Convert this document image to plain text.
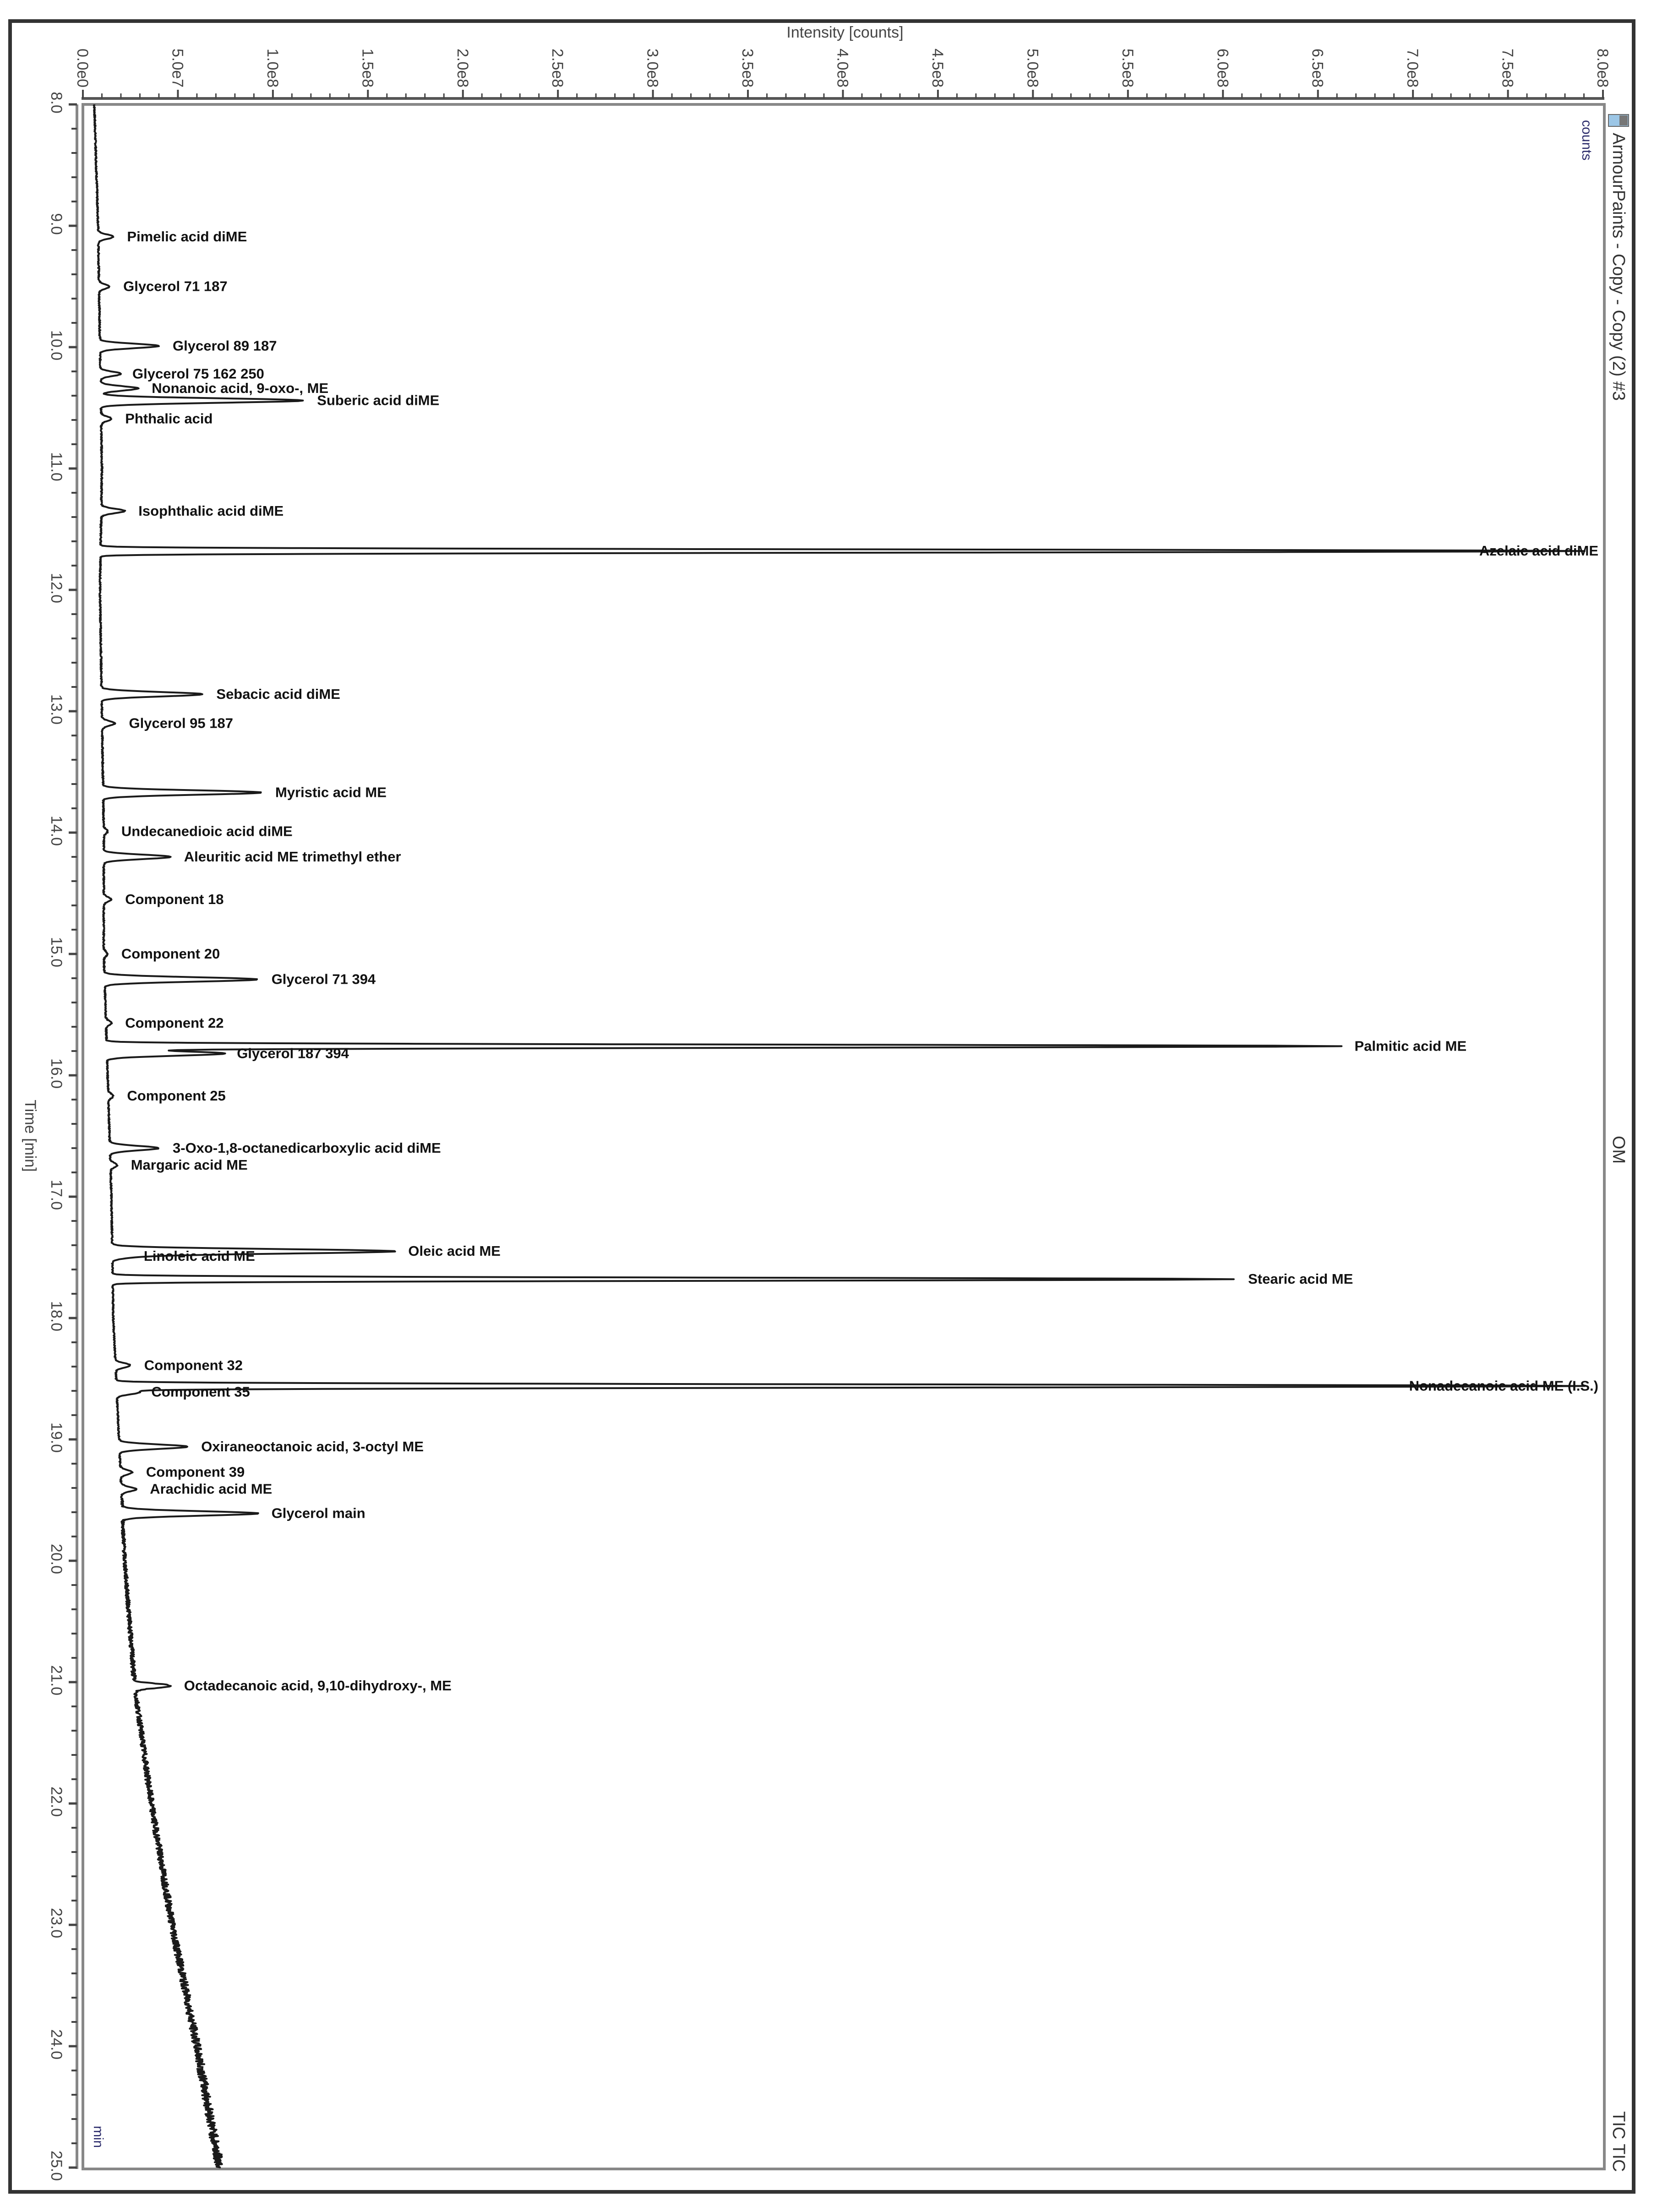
0.0e0	5.0e7	1.0e8	1.5e8	2.0e8	2.5e8	3.0e8	3.5e8	4.0e8	4.5e8	5.0e8	5.5e8	6.0e8	6.5e8	7.0e8	7.5e8	8.0e8
8.0
9.0
10.0
11.0
12.0
13.0
14.0
15.0
16.0
17.0
18.0
19.0
20.0
21.0
22.0
23.0
24.0
25.0
Intensity [counts]
Time [min]
counts
min
ArmourPaints - Copy - Copy (2) #3
OM
TIC TIC
Pimelic acid diME
Glycerol 71 187
Glycerol 89 187
Glycerol 75 162 250
Nonanoic acid, 9-oxo-, ME
Suberic acid diME
Phthalic acid
Isophthalic acid diME
Azelaic acid diME
Sebacic acid diME
Glycerol 95 187
Myristic acid ME
Undecanedioic acid diME
Aleuritic acid ME trimethyl ether
Component 18
Component 20
Glycerol 71 394
Component 22
Palmitic acid ME
Glycerol 187 394
Component 25
3-Oxo-1,8-octanedicarboxylic acid diME
Margaric acid ME
Oleic acid ME
Linoleic acid ME
Stearic acid ME
Component 32
Nonadecanoic acid ME (I.S.)
Component 35
Oxiraneoctanoic acid, 3-octyl ME
Component 39
Arachidic acid ME
Glycerol main
Octadecanoic acid, 9,10-dihydroxy-, ME
